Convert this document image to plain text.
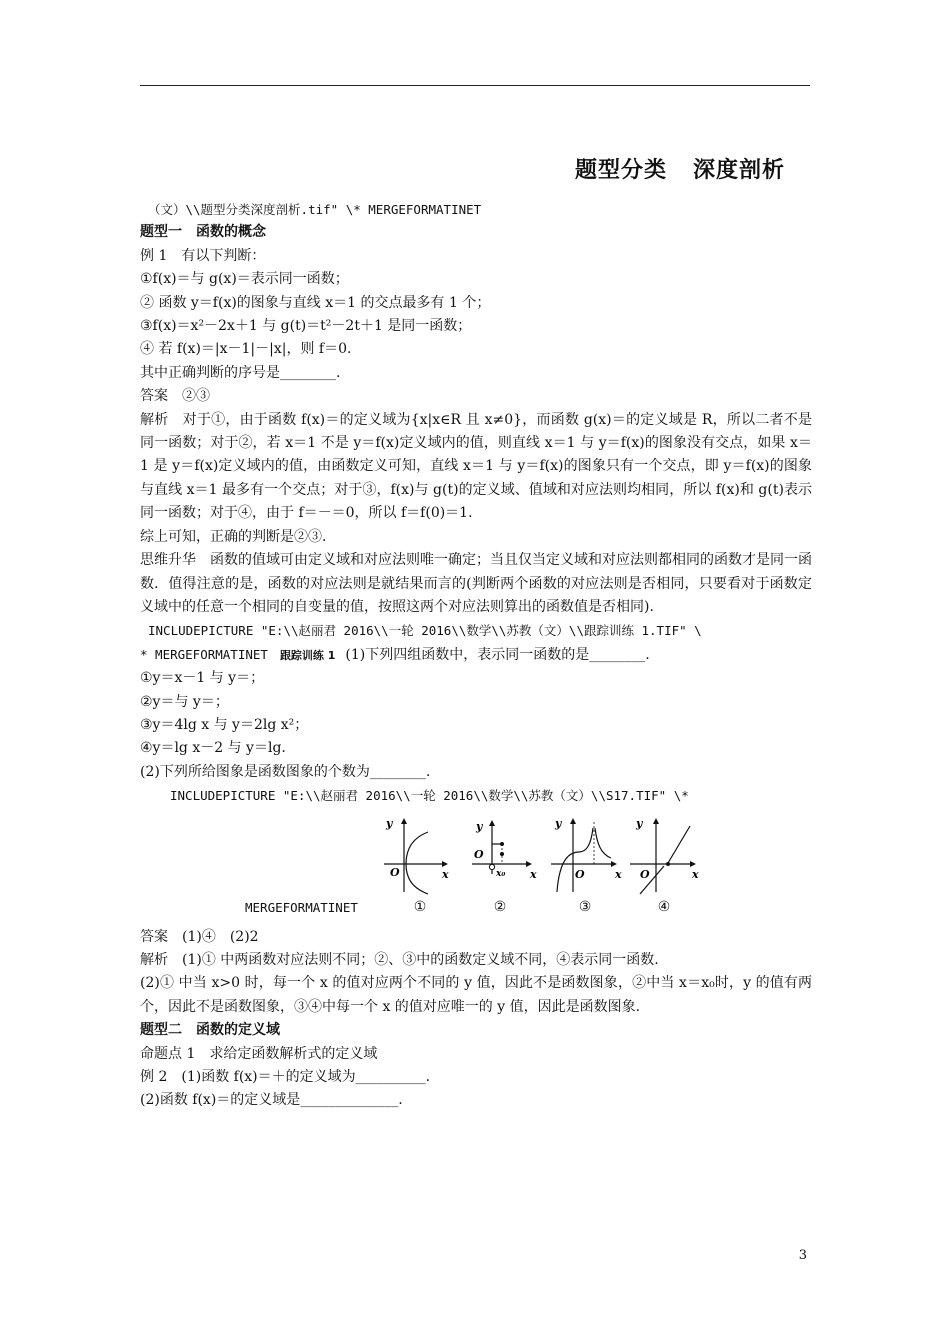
题型分类 深度剖析

（文）\\题型分类深度剖析.tif" \* MERGEFORMATINET

题型一　函数的概念

例 1　有以下判断：

①f(x)＝与 g(x)＝表示同一函数；

② 函数 y＝f(x)的图象与直线 x＝1 的交点最多有 1 个；

③f(x)＝x²－2x＋1 与 g(t)＝t²－2t＋1 是同一函数；

④ 若 f(x)＝|x－1|－|x|，则 f＝0.

其中正确判断的序号是________.

答案　②③

解析　对于①，由于函数 f(x)＝的定义域为{x|x∈R 且 x≠0}，而函数 g(x)＝的定义域是 R，所以二者不是同一函数；对于②，若 x＝1 不是 y＝f(x)定义域内的值，则直线 x＝1 与 y＝f(x)的图象没有交点，如果 x＝1 是 y＝f(x)定义域内的值，由函数定义可知，直线 x＝1 与 y＝f(x)的图象只有一个交点，即 y＝f(x)的图象与直线 x＝1 最多有一个交点；对于③，f(x)与 g(t)的定义域、值域和对应法则均相同，所以 f(x)和 g(t)表示同一函数；对于④，由于 f＝－＝0，所以 f＝f(0)＝1.

综上可知，正确的判断是②③.

思维升华　函数的值域可由定义域和对应法则唯一确定；当且仅当定义域和对应法则都相同的函数才是同一函数．值得注意的是，函数的对应法则是就结果而言的(判断两个函数的对应法则是否相同，只要看对于函数定义域中的任意一个相同的自变量的值，按照这两个对应法则算出的函数值是否相同).

INCLUDEPICTURE "E:\\赵丽君 2016\\一轮 2016\\数学\\苏教（文）\\跟踪训练 1.TIF" \

* MERGEFORMATINET 跟踪训练 1 (1)下列四组函数中，表示同一函数的是________.

①y＝x－1 与 y＝；

②y＝与 y＝；

③y＝4lg x 与 y＝2lg x²；

④y＝lg x－2 与 y＝lg.

(2)下列所给图象是函数图象的个数为________.

INCLUDEPICTURE "E:\\赵丽君 2016\\一轮 2016\\数学\\苏教（文）\\S17.TIF" \*

MERGEFORMATINET
y
x
O
①
y
x
O
x₀
②
y
x
O
③
y
x
O
④

答案　(1)④　(2)2

解析　(1)① 中两函数对应法则不同；②、③中的函数定义域不同，④表示同一函数.

(2)① 中当 x>0 时，每一个 x 的值对应两个不同的 y 值，因此不是函数图象，②中当 x＝x₀时，y 的值有两个，因此不是函数图象，③④中每一个 x 的值对应唯一的 y 值，因此是函数图象.

题型二　函数的定义域

命题点 1　求给定函数解析式的定义域

例 2　(1)函数 f(x)＝＋的定义域为__________.

(2)函数 f(x)＝的定义域是______________.

3
